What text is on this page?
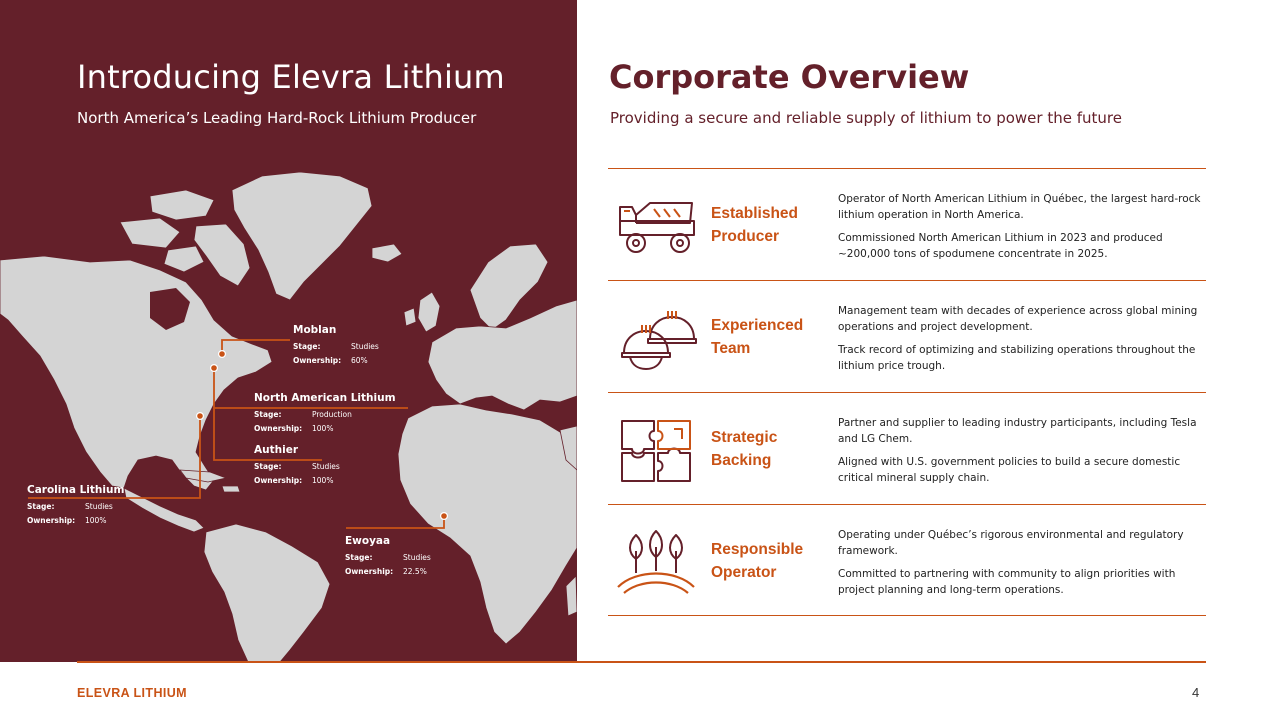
Introducing Elevra Lithium
North America’s Leading Hard-Rock Lithium Producer
Moblan
Stage:	Studies
Ownership:	60%
North American Lithium
Stage:	Production
Ownership:	100%
Authier
Stage:	Studies
Ownership:	100%
Carolina Lithium
Stage:	Studies
Ownership:	100%
Ewoyaa
Stage:	Studies
Ownership:	22.5%
Corporate Overview
Providing a secure and reliable supply of lithium to power the future
Established Producer

Operator of North American Lithium in Québec, the largest hard-rock lithium operation in North America.

Commissioned North American Lithium in 2023 and produced ~200,000 tons of spodumene concentrate in 2025.

Experienced Team

Management team with decades of experience across global mining operations and project development.

Track record of optimizing and stabilizing operations throughout the lithium price trough.

Strategic Backing

Partner and supplier to leading industry participants, including Tesla and LG Chem.

Aligned with U.S. government policies to build a secure domestic critical mineral supply chain.

Responsible Operator

Operating under Québec’s rigorous environmental and regulatory framework.

Committed to partnering with community to align priorities with project planning and long-term operations.

ELEVRA LITHIUM	4
